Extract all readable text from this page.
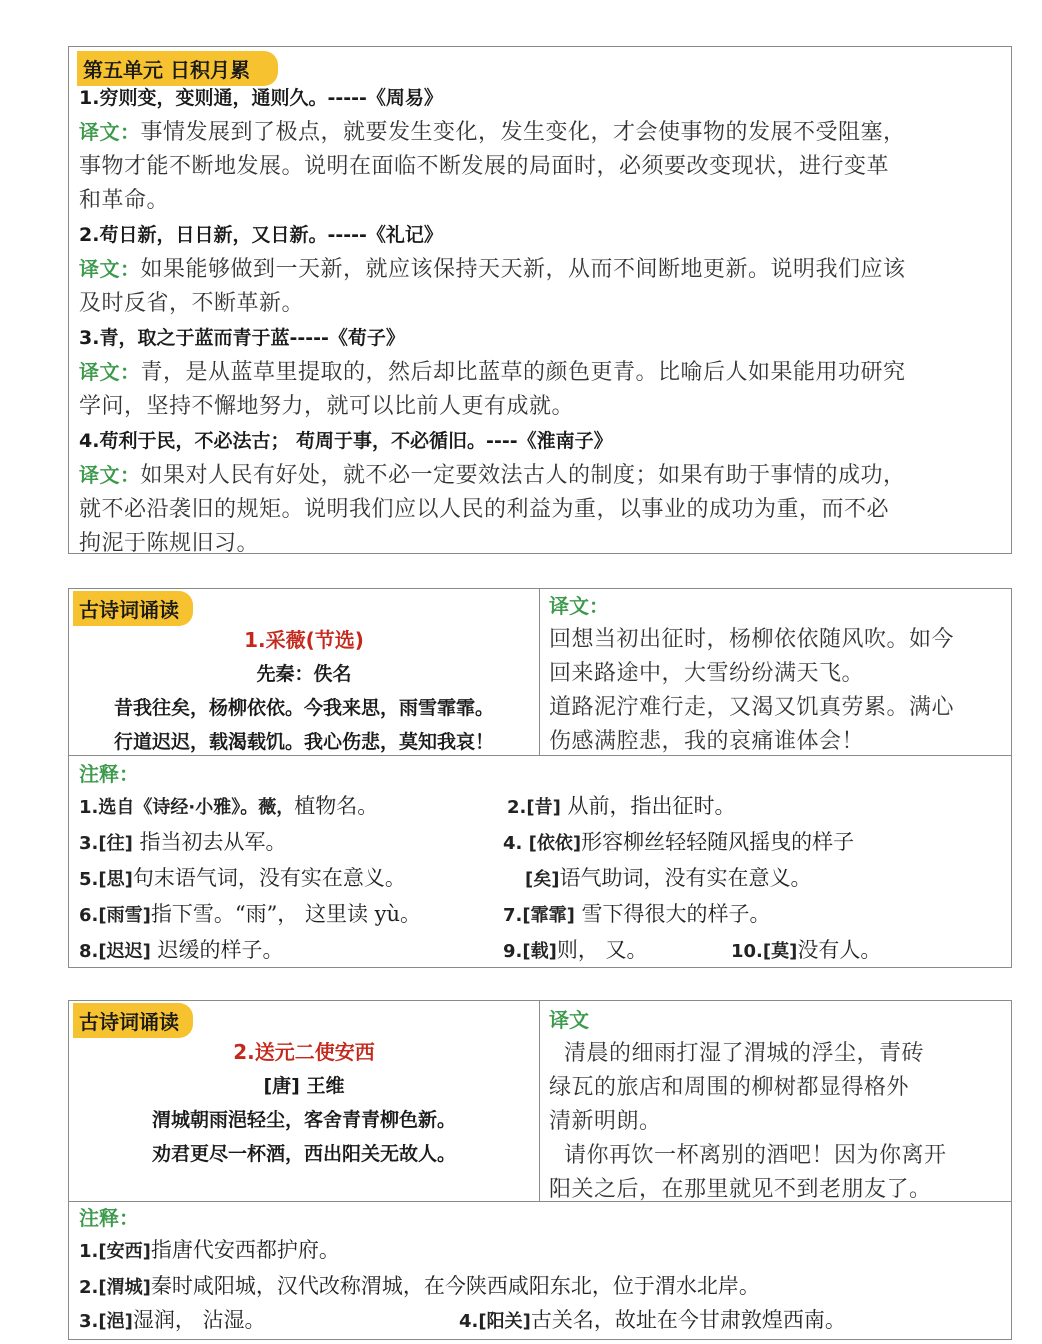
第五单元 日积月累
1.穷则变，变则通，通则久。-----《周易》
译文：事情发展到了极点，就要发生变化，发生变化，才会使事物的发展不受阻塞，
事物才能不断地发展。说明在面临不断发展的局面时，必须要改变现状，进行变革
和革命。
2.苟日新，日日新，又日新。-----《礼记》
译文：如果能够做到一天新，就应该保持天天新，从而不间断地更新。说明我们应该
及时反省，不断革新。
3.青，取之于蓝而青于蓝-----《荀子》
译文：青，是从蓝草里提取的，然后却比蓝草的颜色更青。比喻后人如果能用功研究
学问，坚持不懈地努力，就可以比前人更有成就。
4.苟利于民，不必法古； 苟周于事，不必循旧。----《淮南子》
译文：如果对人民有好处，就不必一定要效法古人的制度；如果有助于事情的成功，
就不必沿袭旧的规矩。说明我们应以人民的利益为重，以事业的成功为重，而不必
拘泥于陈规旧习。
古诗词诵读
1.采薇(节选)
先秦：佚名
昔我往矣，杨柳依依。今我来思，雨雪霏霏。
行道迟迟，载渴载饥。我心伤悲，莫知我哀！
译文：
回想当初出征时，杨柳依依随风吹。如今
回来路途中，大雪纷纷满天飞。
道路泥泞难行走，又渴又饥真劳累。满心
伤感满腔悲，我的哀痛谁体会！
注释：
1.选自《诗经·小雅》。薇，植物名。	2.[昔] 从前，指出征时。
3.[往] 指当初去从军。	4. [依依]形容柳丝轻轻随风摇曳的样子
5.[思]句末语气词，没有实在意义。	[矣]语气助词，没有实在意义。
6.[雨雪]指下雪。“雨”， 这里读 yù。	7.[霏霏] 雪下得很大的样子。
8.[迟迟] 迟缓的样子。	9.[载]则， 又。	10.[莫]没有人。
古诗词诵读
2.送元二使安西
[唐] 王维
渭城朝雨浥轻尘，客舍青青柳色新。
劝君更尽一杯酒，西出阳关无故人。
译文
清晨的细雨打湿了渭城的浮尘，青砖
绿瓦的旅店和周围的柳树都显得格外
清新明朗。
请你再饮一杯离别的酒吧！因为你离开
阳关之后，在那里就见不到老朋友了。
注释：
1.[安西]指唐代安西都护府。
2.[渭城]秦时咸阳城，汉代改称渭城，在今陕西咸阳东北，位于渭水北岸。
3.[浥]湿润， 沾湿。	4.[阳关]古关名，故址在今甘肃敦煌西南。
